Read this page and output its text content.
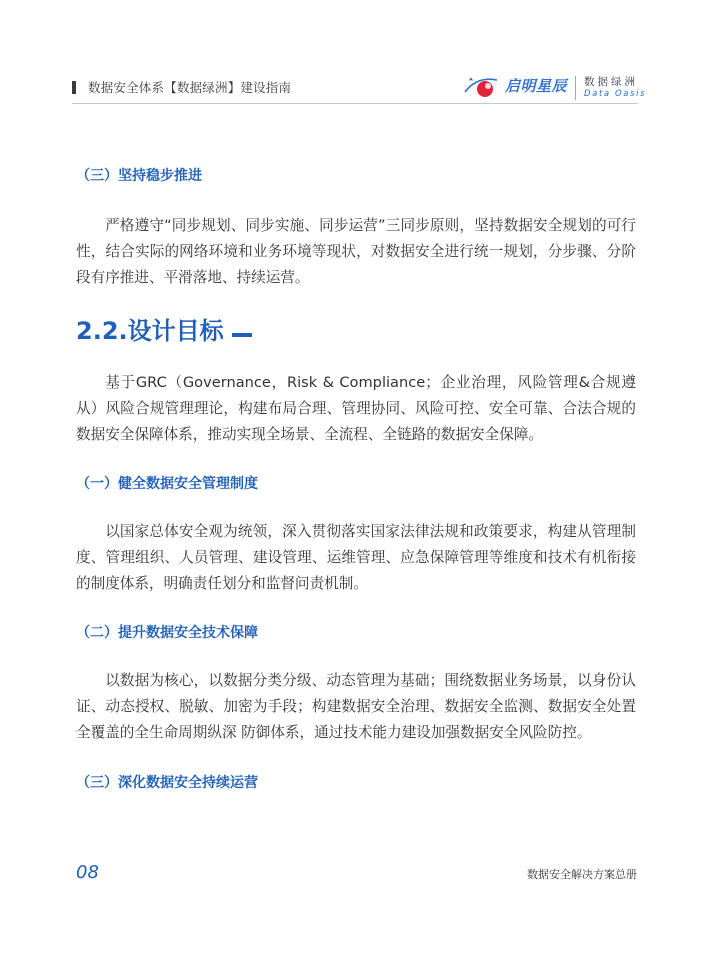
数据安全体系【数据绿洲】建设指南	启明星辰 数据绿洲
Data Oasis
（三）坚持稳步推进
严格遵守“同步规划、同步实施、同步运营”三同步原则，坚持数据安全规划的可行性，结合实际的网络环境和业务环境等现状，对数据安全进行统一规划，分步骤、分阶段有序推进、平滑落地、持续运营。
2.2.设计目标
基于GRC（Governance，Risk & Compliance；企业治理，风险管理&合规遵从）风险合规管理理论，构建布局合理、管理协同、风险可控、安全可靠、合法合规的数据安全保障体系，推动实现全场景、全流程、全链路的数据安全保障。
（一）健全数据安全管理制度
以国家总体安全观为统领，深入贯彻落实国家法律法规和政策要求，构建从管理制度、管理组织、人员管理、建设管理、运维管理、应急保障管理等维度和技术有机衔接的制度体系，明确责任划分和监督问责机制。
（二）提升数据安全技术保障
以数据为核心，以数据分类分级、动态管理为基础；围绕数据业务场景，以身份认证、动态授权、脱敏、加密为手段；构建数据安全治理、数据安全监测、数据安全处置全覆盖的全生命周期纵深 防御体系，通过技术能力建设加强数据安全风险防控。
（三）深化数据安全持续运营
08	数据安全解决方案总册
